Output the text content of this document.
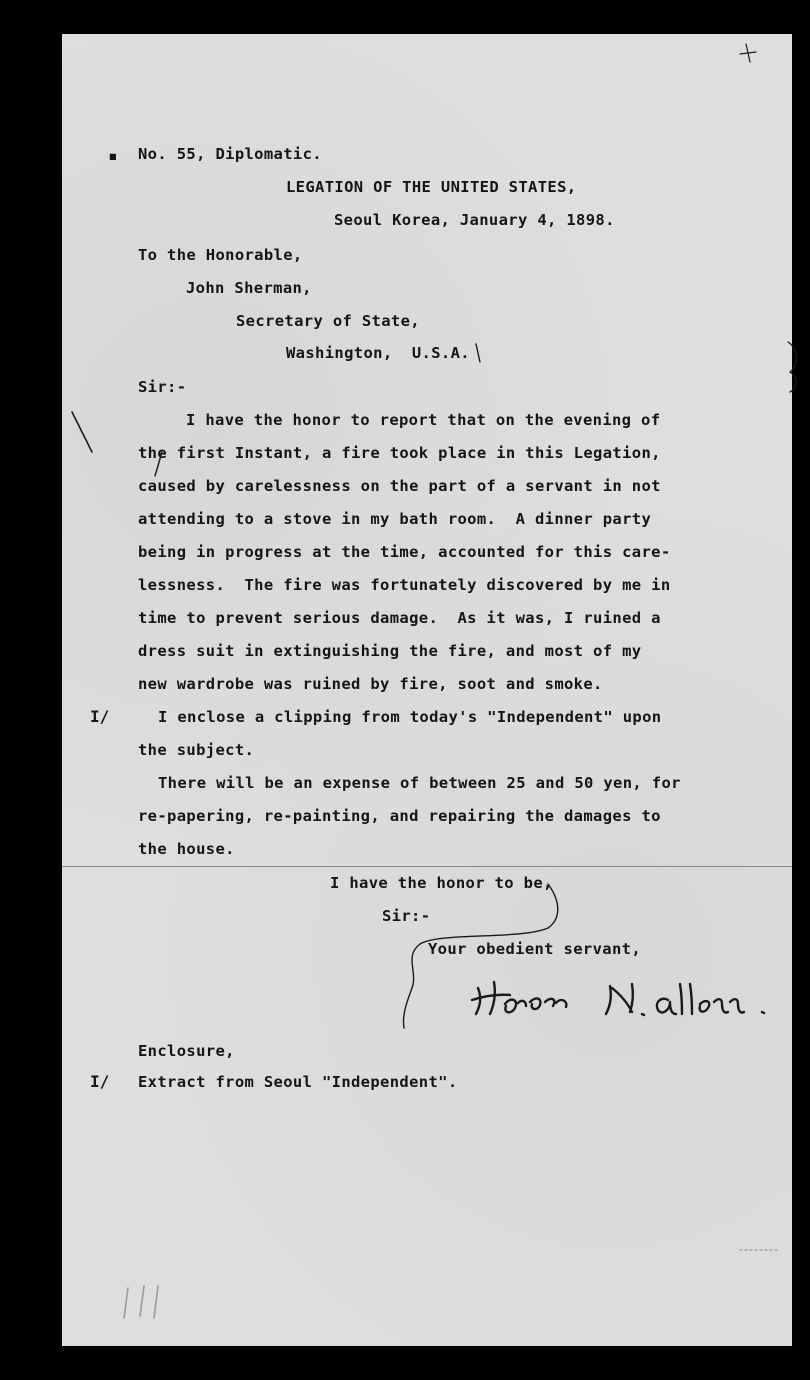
▪ No. 55, Diplomatic.
LEGATION OF THE UNITED STATES,
Seoul Korea, January 4, 1898.
To the Honorable,
John Sherman,
Secretary of State,
Washington,  U.S.A.
Sir:-
I have the honor to report that on the evening of
the first Instant, a fire took place in this Legation,
caused by carelessness on the part of a servant in not
attending to a stove in my bath room.  A dinner party
being in progress at the time, accounted for this care-
lessness.  The fire was fortunately discovered by me in
time to prevent serious damage.  As it was, I ruined a
dress suit in extinguishing the fire, and most of my
new wardrobe was ruined by fire, soot and smoke.
I/	I enclose a clipping from today's "Independent" upon
the subject.
There will be an expense of between 25 and 50 yen, for
re-papering, re-painting, and repairing the damages to
the house.
I have the honor to be,
Sir:-
Your obedient servant,
Enclosure,
I/ Extract from Seoul "Independent".
